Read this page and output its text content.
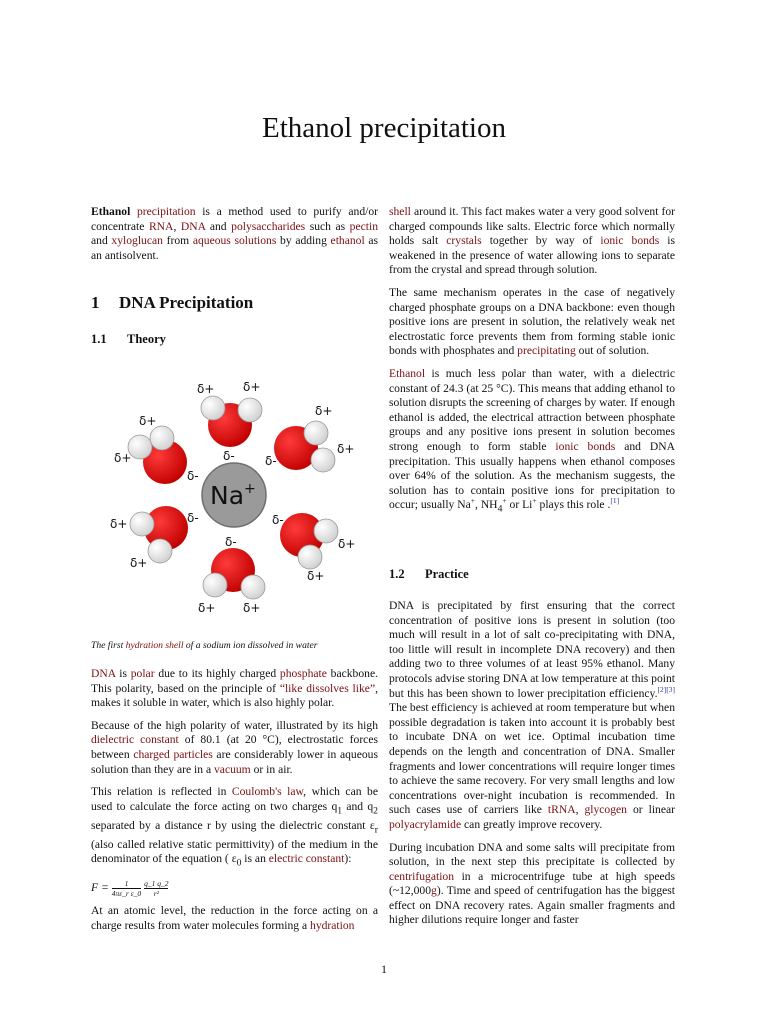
Ethanol precipitation

Ethanol precipitation is a method used to purify and/or concentrate RNA, DNA and polysaccharides such as pectin and xyloglucan from aqueous solutions by adding ethanol as an antisolvent.

1 DNA Precipitation
1.1 Theory
Na+
δ+ δ+
δ+
δ+
δ+
δ+
δ-	δ-
δ-
δ+	δ-	δ-
δ-	δ+
δ+
δ+
δ+ δ+
The first hydration shell of a sodium ion dissolved in water

DNA is polar due to its highly charged phosphate backbone. This polarity, based on the principle of “like dissolves like”, makes it soluble in water, which is also highly polar.

Because of the high polarity of water, illustrated by its high dielectric constant of 80.1 (at 20 °C), electrostatic forces between charged particles are considerably lower in aqueous solution than they are in a vacuum or in air.

This relation is reflected in Coulomb's law, which can be used to calculate the force acting on two charges $q_1$ and $q_2$ separated by a distance r by using the dielectric constant $\varepsilon_r$ (also called relative static permittivity) of the medium in the denominator of the equation ( $\varepsilon_0$ is an electric constant):

$F = \frac{1}{\text{4πε\_r ε\_0}}$
$\frac{q\_1 q\_2}{\text{r²}}$

At an atomic level, the reduction in the force acting on a charge results from water molecules forming a hydration

shell around it. This fact makes water a very good solvent for charged compounds like salts. Electric force which normally holds salt crystals together by way of ionic bonds is weakened in the presence of water allowing ions to separate from the crystal and spread through solution.

The same mechanism operates in the case of negatively charged phosphate groups on a DNA backbone: even though positive ions are present in solution, the relatively weak net electrostatic force prevents them from forming stable ionic bonds with phosphates and precipitating out of solution.

Ethanol is much less polar than water, with a dielectric constant of 24.3 (at 25 °C). This means that adding ethanol to solution disrupts the screening of charges by water. If enough ethanol is added, the electrical attraction between phosphate groups and any positive ions present in solution becomes strong enough to form stable ionic bonds and DNA precipitation. This usually happens when ethanol composes over 64% of the solution. As the mechanism suggests, the solution has to contain positive ions for precipitation to occur; usually Na+, $NH_4^+$ or Li+ plays this role .[1]

1.2 Practice

DNA is precipitated by first ensuring that the correct concentration of positive ions is present in solution (too much will result in a lot of salt co-precipitating with DNA, too little will result in incomplete DNA recovery) and then adding two to three volumes of at least 95% ethanol. Many protocols advise storing DNA at low temperature at this point but this has been shown to lower precipitation efficiency.[2][3] The best efficiency is achieved at room temperature but when possible degradation is taken into account it is probably best to incubate DNA on wet ice. Optimal incubation time depends on the length and concentration of DNA. Smaller fragments and lower concentrations will require longer times to achieve the same recovery. For very small lengths and low concentrations over-night incubation is recommended. In such cases use of carriers like tRNA, glycogen or linear polyacrylamide can greatly improve recovery.

During incubation DNA and some salts will precipitate from solution, in the next step this precipitate is collected by centrifugation in a microcentrifuge tube at high speeds (~12,000g). Time and speed of centrifugation has the biggest effect on DNA recovery rates. Again smaller fragments and higher dilutions require longer and faster

1
